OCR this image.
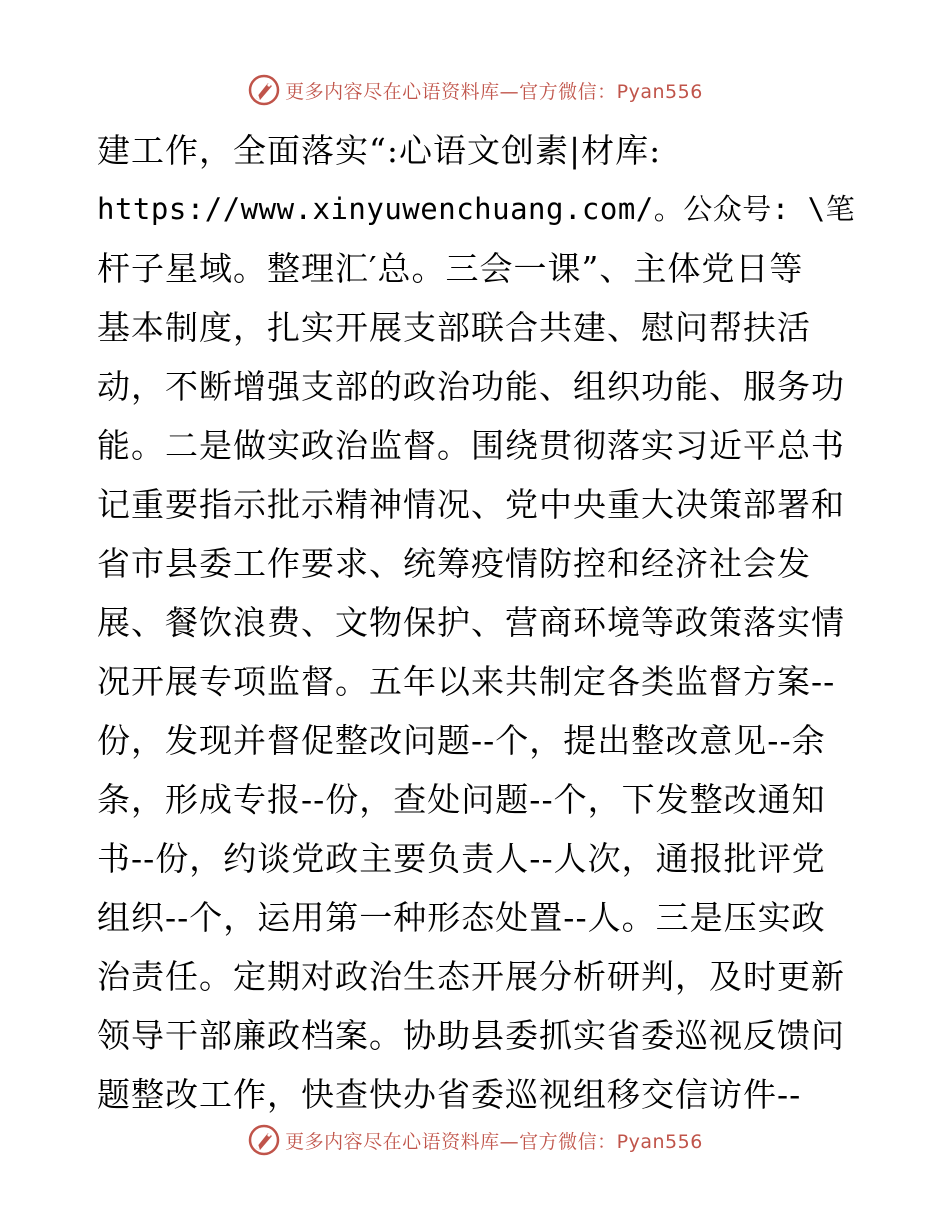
更多内容尽在心语资料库—官方微信：Pyan556
建工作，全面落实“:心语文创素|材库:
https://www.xinyuwenchuang.com/。公众号: \笔
杆子星域。整理汇′总。三会一课”、主体党日等
基本制度，扎实开展支部联合共建、慰问帮扶活
动，不断增强支部的政治功能、组织功能、服务功
能。二是做实政治监督。围绕贯彻落实习近平总书
记重要指示批示精神情况、党中央重大决策部署和
省市县委工作要求、统筹疫情防控和经济社会发
展、餐饮浪费、文物保护、营商环境等政策落实情
况开展专项监督。五年以来共制定各类监督方案--
份，发现并督促整改问题--个，提出整改意见--余
条，形成专报--份，查处问题--个，下发整改通知
书--份，约谈党政主要负责人--人次，通报批评党
组织--个，运用第一种形态处置--人。三是压实政
治责任。定期对政治生态开展分析研判，及时更新
领导干部廉政档案。协助县委抓实省委巡视反馈问
题整改工作，快查快办省委巡视组移交信访件--
更多内容尽在心语资料库—官方微信：Pyan556
